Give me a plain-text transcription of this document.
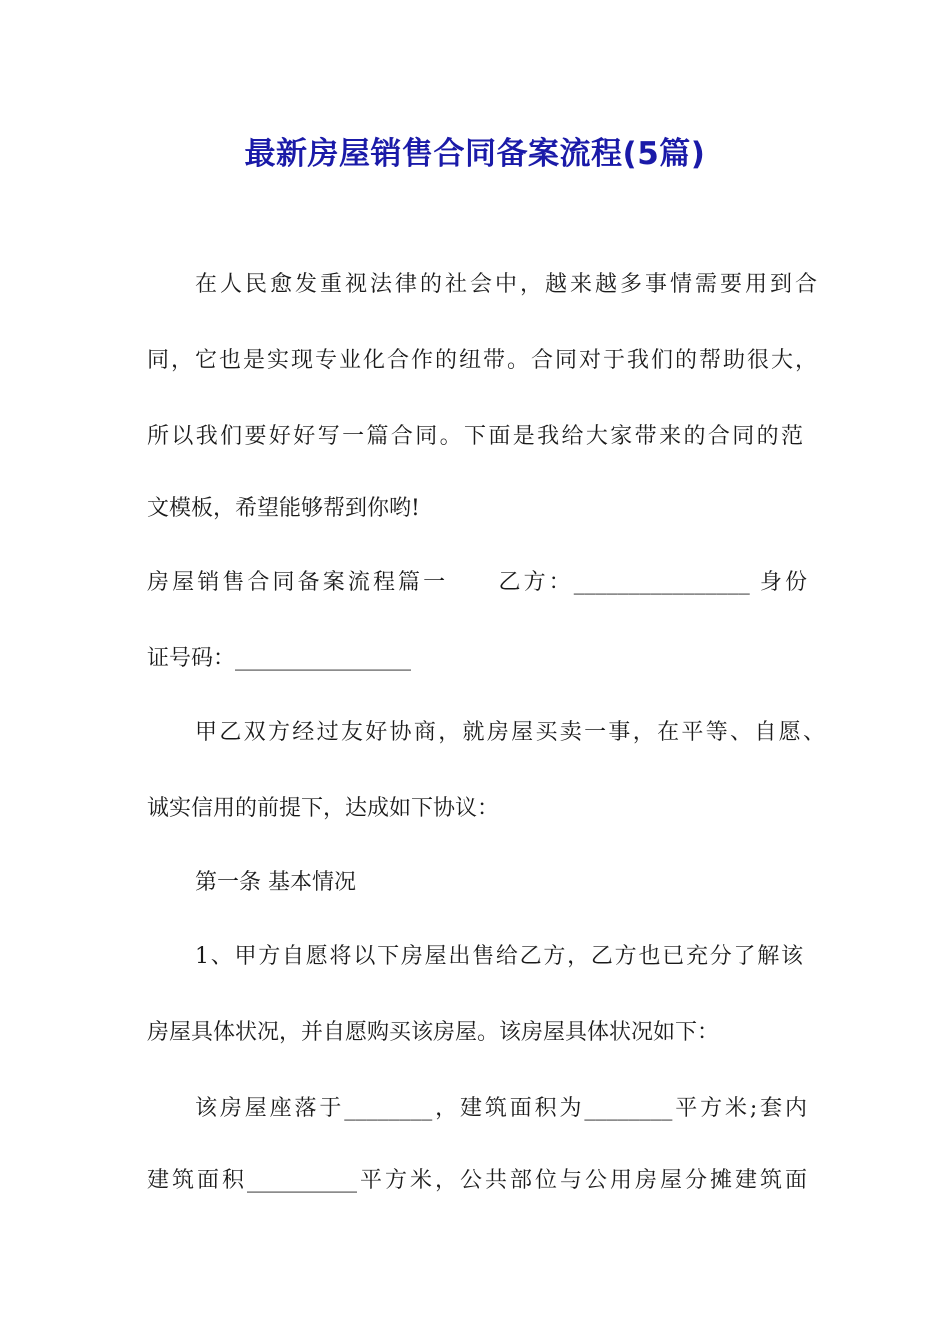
最新房屋销售合同备案流程(5篇)

在人民愈发重视法律的社会中，越来越多事情需要用到合

同，它也是实现专业化合作的纽带。合同对于我们的帮助很大，

所以我们要好好写一篇合同。下面是我给大家带来的合同的范

文模板，希望能够帮到你哟!

房屋销售合同备案流程篇一　　乙方：________________ 身份

证号码：________________

甲乙双方经过友好协商，就房屋买卖一事，在平等、自愿、

诚实信用的前提下，达成如下协议：

第一条 基本情况

1、甲方自愿将以下房屋出售给乙方，乙方也已充分了解该

房屋具体状况，并自愿购买该房屋。该房屋具体状况如下：

该房屋座落于________，建筑面积为________平方米;套内

建筑面积__________平方米，公共部位与公用房屋分摊建筑面
